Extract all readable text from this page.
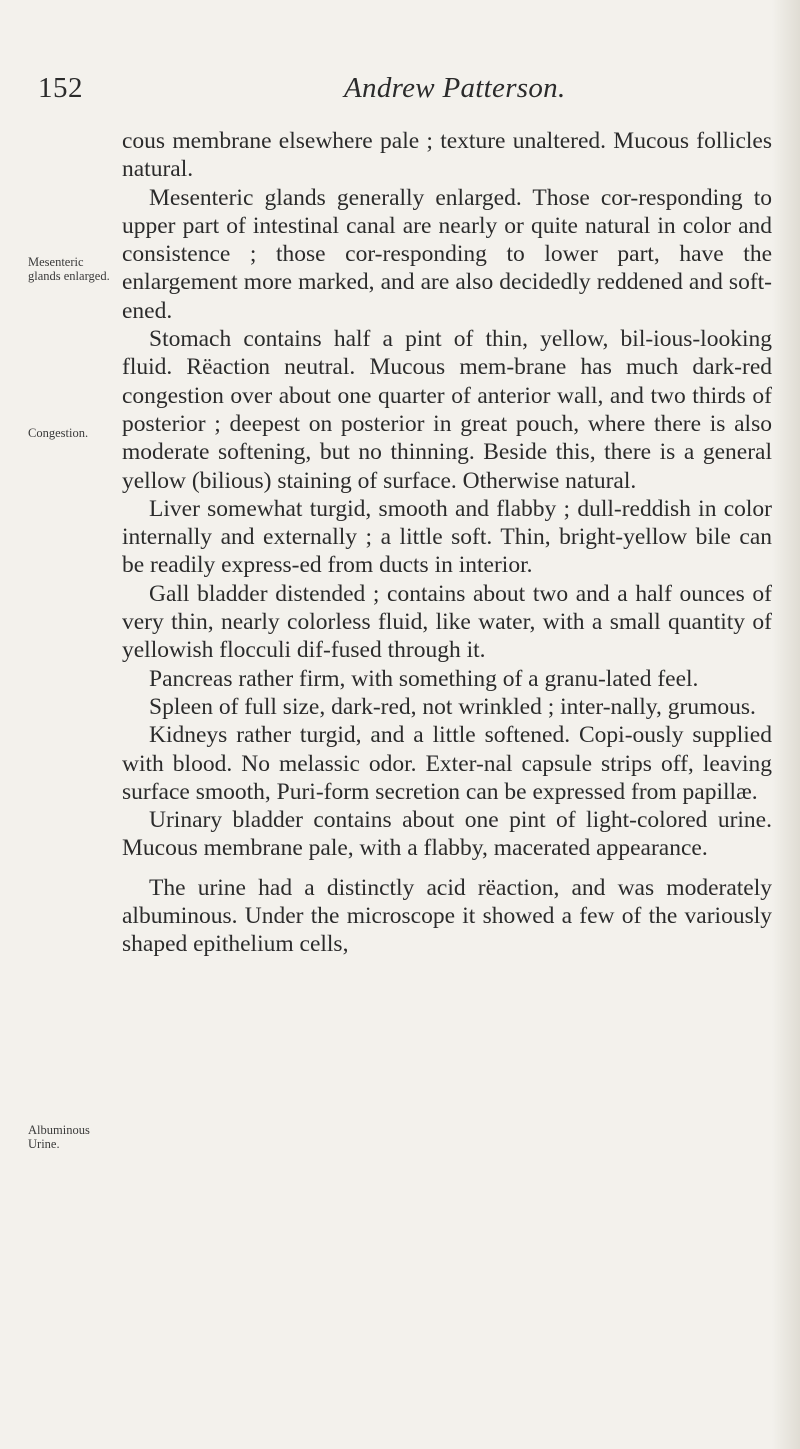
152	Andrew Patterson.
Mesenteric glands enlarged.
Congestion.
Albuminous Urine.

cous membrane elsewhere pale ; texture unaltered. Mucous follicles natural.

Mesenteric glands generally enlarged. Those cor-responding to upper part of intestinal canal are nearly or quite natural in color and consistence ; those cor-responding to lower part, have the enlargement more marked, and are also decidedly reddened and soft-ened.

Stomach contains half a pint of thin, yellow, bil-ious-looking fluid. Rëaction neutral. Mucous mem-brane has much dark-red congestion over about one quarter of anterior wall, and two thirds of posterior ; deepest on posterior in great pouch, where there is also moderate softening, but no thinning. Beside this, there is a general yellow (bilious) staining of surface. Otherwise natural.

Liver somewhat turgid, smooth and flabby ; dull-reddish in color internally and externally ; a little soft. Thin, bright-yellow bile can be readily express-ed from ducts in interior.

Gall bladder distended ; contains about two and a half ounces of very thin, nearly colorless fluid, like water, with a small quantity of yellowish flocculi dif-fused through it.

Pancreas rather firm, with something of a granu-lated feel.

Spleen of full size, dark-red, not wrinkled ; inter-nally, grumous.

Kidneys rather turgid, and a little softened. Copi-ously supplied with blood. No melassic odor. Exter-nal capsule strips off, leaving surface smooth, Puri-form secretion can be expressed from papillæ.

Urinary bladder contains about one pint of light-colored urine. Mucous membrane pale, with a flabby, macerated appearance.

The urine had a distinctly acid rëaction, and was moderately albuminous. Under the microscope it showed a few of the variously shaped epithelium cells,
